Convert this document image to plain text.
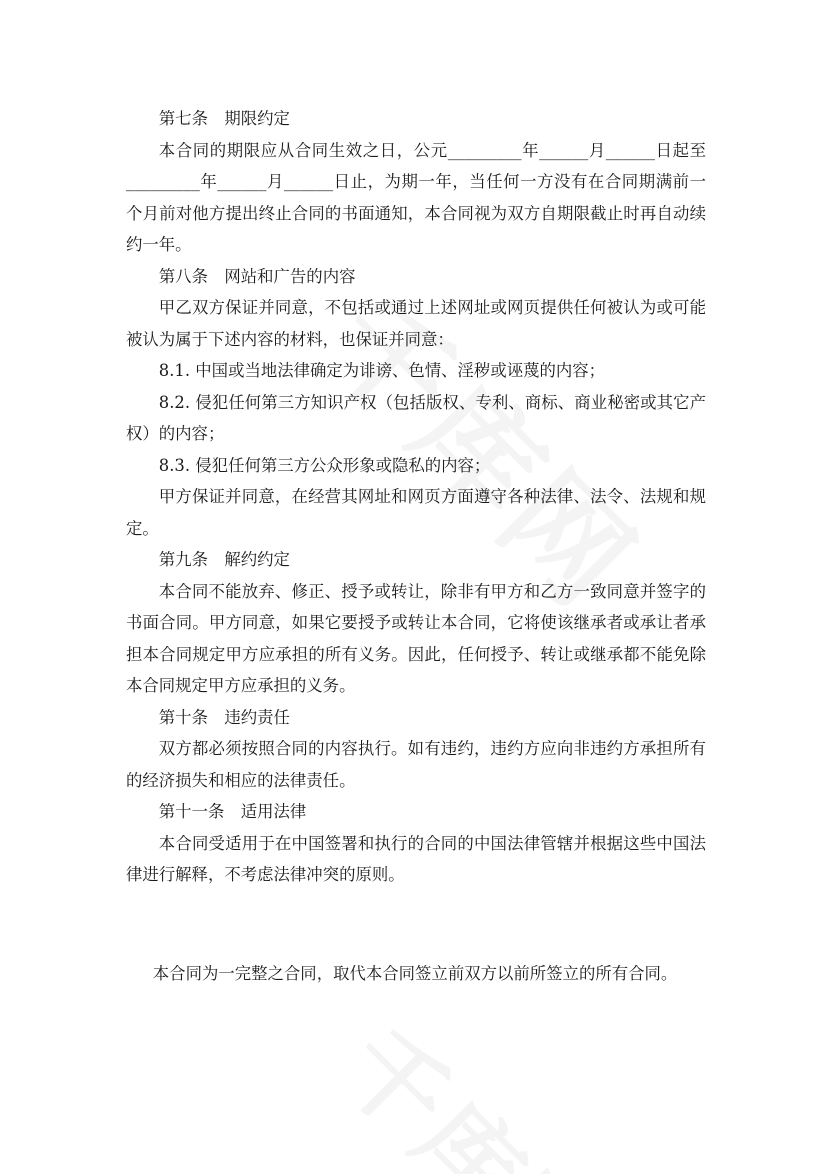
第七条　期限约定

本合同的期限应从合同生效之日，公元_________年______月______日起至_________年______月______日止，为期一年，当任何一方没有在合同期满前一个月前对他方提出终止合同的书面通知，本合同视为双方自期限截止时再自动续约一年。

第八条　网站和广告的内容

甲乙双方保证并同意，不包括或通过上述网址或网页提供任何被认为或可能被认为属于下述内容的材料，也保证并同意：

8.1. 中国或当地法律确定为诽谤、色情、淫秽或诬蔑的内容；

8.2. 侵犯任何第三方知识产权（包括版权、专利、商标、商业秘密或其它产权）的内容；

8.3. 侵犯任何第三方公众形象或隐私的内容；

甲方保证并同意，在经营其网址和网页方面遵守各种法律、法令、法规和规定。

第九条　解约约定

本合同不能放弃、修正、授予或转让，除非有甲方和乙方一致同意并签字的书面合同。甲方同意，如果它要授予或转让本合同，它将使该继承者或承让者承担本合同规定甲方应承担的所有义务。因此，任何授予、转让或继承都不能免除本合同规定甲方应承担的义务。

第十条　违约责任

双方都必须按照合同的内容执行。如有违约，违约方应向非违约方承担所有的经济损失和相应的法律责任。

第十一条　适用法律

本合同受适用于在中国签署和执行的合同的中国法律管辖并根据这些中国法律进行解释，不考虑法律冲突的原则。

本合同为一完整之合同，取代本合同签立前双方以前所签立的所有合同。
